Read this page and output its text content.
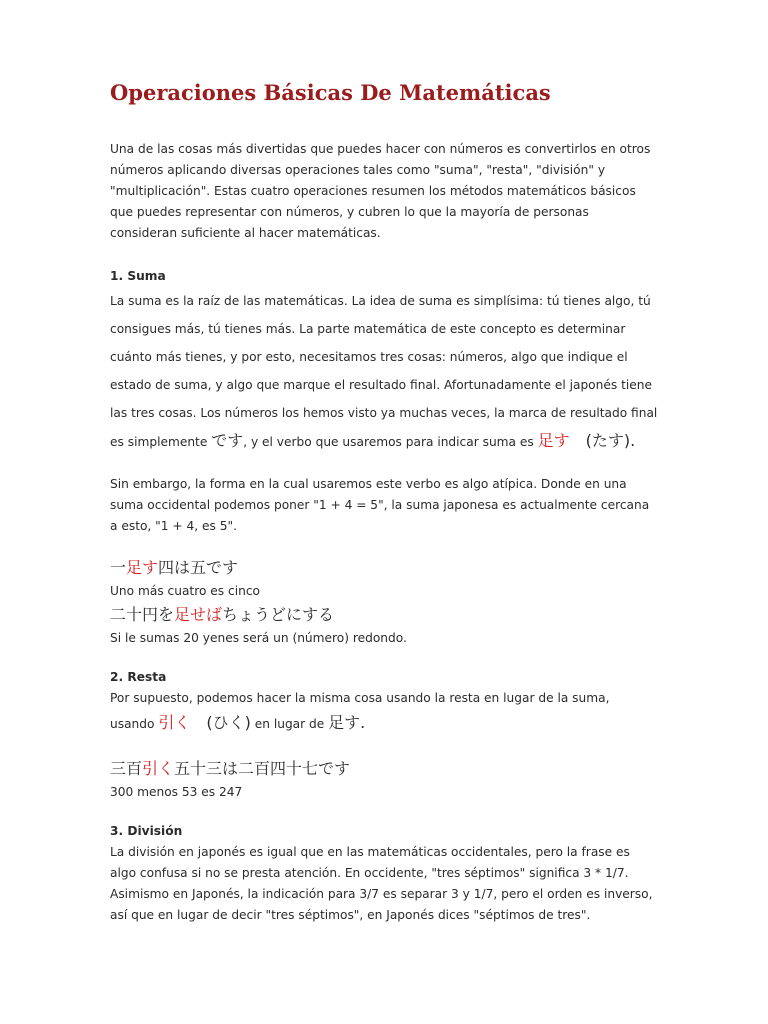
Operaciones Básicas De Matemáticas

Una de las cosas más divertidas que puedes hacer con números es convertirlos en otros números aplicando diversas operaciones tales como "suma", "resta", "división" y "multiplicación". Estas cuatro operaciones resumen los métodos matemáticos básicos que puedes representar con números, y cubren lo que la mayoría de personas consideran suficiente al hacer matemáticas.

1. Suma

La suma es la raíz de las matemáticas. La idea de suma es simplísima: tú tienes algo, tú consigues más, tú tienes más. La parte matemática de este concepto es determinar cuánto más tienes, y por esto, necesitamos tres cosas: números, algo que indique el estado de suma, y algo que marque el resultado final. Afortunadamente el japonés tiene las tres cosas. Los números los hemos visto ya muchas veces, la marca de resultado final es simplemente です, y el verbo que usaremos para indicar suma es 足す (たす).

Sin embargo, la forma en la cual usaremos este verbo es algo atípica. Donde en una suma occidental podemos poner "1 + 4 = 5", la suma japonesa es actualmente cercana a esto, "1 + 4, es 5".

一足す四は五です

Uno más cuatro es cinco

二十円を足せばちょうどにする

Si le sumas 20 yenes será un (número) redondo.

2. Resta

Por supuesto, podemos hacer la misma cosa usando la resta en lugar de la suma,

usando 引く (ひく) en lugar de 足す.

三百引く五十三は二百四十七です

300 menos 53 es 247

3. División

La división en japonés es igual que en las matemáticas occidentales, pero la frase es algo confusa si no se presta atención. En occidente, "tres séptimos" significa 3 * 1/7. Asimismo en Japonés, la indicación para 3/7 es separar 3 y 1/7, pero el orden es inverso, así que en lugar de decir "tres séptimos", en Japonés dices "séptimos de tres".
